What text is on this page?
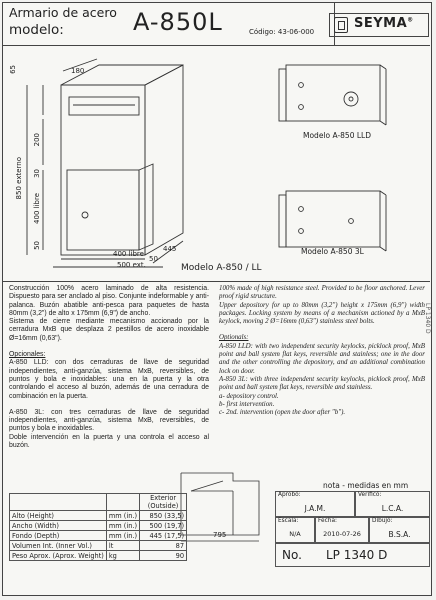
Armario de acero
modelo:	A-850L	Código: 43-06-000
SEYMA®
180
65
200
30
850 externo
400 libre
50
400 libre
500 ext.
445
50
Modelo A-850 / LL
Modelo A-850 LLD
Modelo A-850 3L
LP 1340 D

Construcción 100% acero laminado de alta resistencia. Dispuesto para ser anclado al piso. Conjunte indeformable y anti-palanca. Buzón abatible anti-pesca para paquetes de hasta 80mm (3,2") de alto x 175mm (6,9") de ancho.

Sistema de cierre mediante mecanismo accionado por la cerradura MxB que desplaza 2 pestillos de acero inoxidable Ø=16mm (0,63").

Opcionales:

A-850 LLD: con dos cerraduras de llave de seguridad independientes, anti-ganzúa, sistema MxB, reversibles, de puntos y bola e inoxidables: una en la puerta y la otra controlando el acceso al buzón, además de una cerradura de combinación en la puerta.

A-850 3L: con tres cerraduras de llave de seguridad independientes, anti-ganzúa, sistema MxB, reversibles, de puntos y bola e inoxidables.

Doble intervención en la puerta y una controla el acceso al buzón.

100% made of high resistance steel. Provided to be floor anchored. Lever proof rigid structure.

Upper depository for up to 80mm (3,2") height x 175mm (6,9") width packages. Locking system by means of a mechanism actioned by a MxB keylock, moving 2 Ø=16mm (0,63") stainless steel bolts.

Optionals:

A-850 LLD: with two independent security keylocks, picklock proof, MxB point and ball system flat keys, reversible and stainless; one in the door and the other controlling the depository, and an additional combination lock on door.

A-850 3L: with three independent security keylocks, picklock proof, MxB point and ball system flat keys, reversible and stainless.

a- depository control.

b- first intervention.

c- 2nd. intervention (open the door after "b").

795
		Exterior (Outside)
Alto (Height)	mm (in.)	850 (33,5)
Ancho (Width)	mm (in.)	500 (19,7)
Fondo (Depth)	mm (in.)	445 (17,5)
Volumen Int. (Inner Vol.)	lt	87
Peso Aprox. (Aprox. Weight)	kg	90
nota - medidas en mm
Aprobó:
J.A.M.
Verificó:
L.C.A.
Escala:
N/A
Fecha:
2010-07-26
Dibujó:
B.S.A.
No. LP 1340 D
